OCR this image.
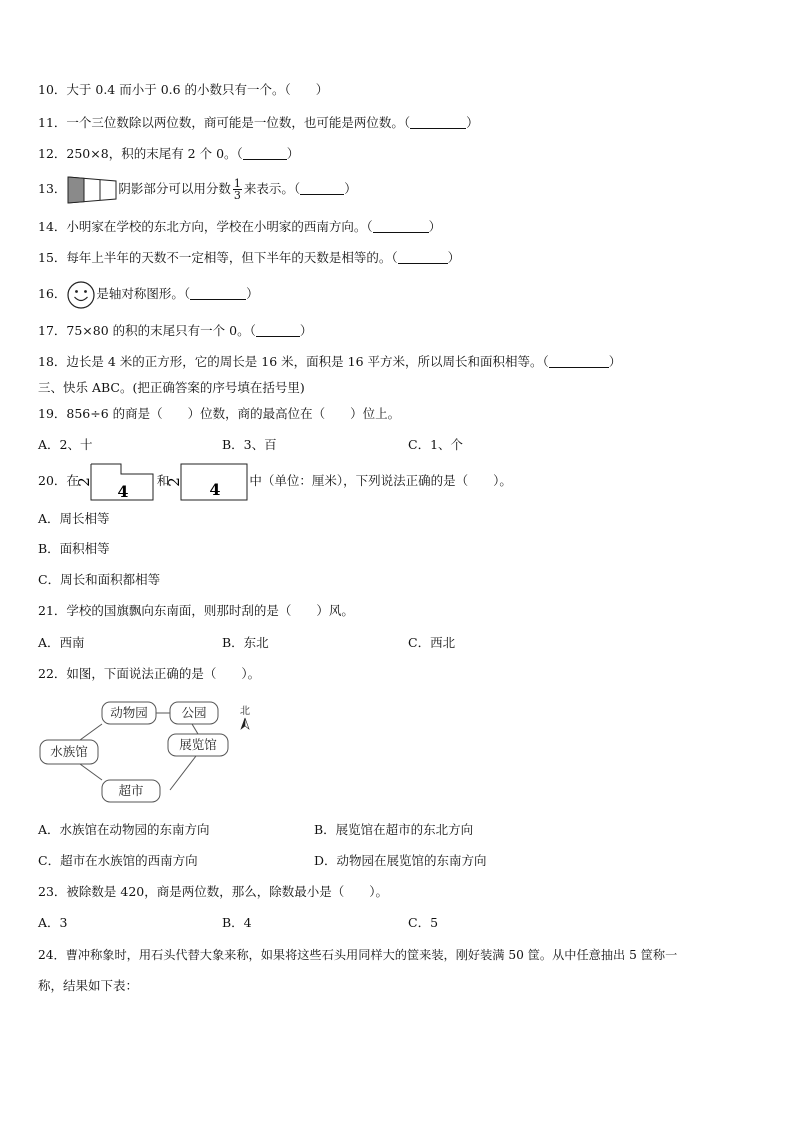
10．大于 0.4 而小于 0.6 的小数只有一个。（　　）
11．一个三位数除以两位数，商可能是一位数，也可能是两位数。（	）
12．250×8，积的末尾有 2 个 0。（	）
13．	阴影部分可以用分数 $\frac{1}{3}$ 来表示。（	）
14．小明家在学校的东北方向，学校在小明家的西南方向。（	）
15．每年上半年的天数不一定相等，但下半年的天数是相等的。（	）
16． 是轴对称图形。（	）
17．75×80 的积的末尾只有一个 0。（	）
18．边长是 4 米的正方形，它的周长是 16 米，面积是 16 平方米，所以周长和面积相等。（	）
三、快乐 ABC。(把正确答案的序号填在括号里)
19．856÷6 的商是（　　）位数，商的最高位在（　　）位上。
A．2、十	B．3、百	C．1、个
20．在
2 4
和
2 4 中（单位：厘米），下列说法正确的是（　　）。
A．周长相等
B．面积相等
C．周长和面积都相等
21．学校的国旗飘向东南面，则那时刮的是（　　）风。
A．西南	B．东北	C．西北
22．如图，下面说法正确的是（　　）。
动物园	公园
水族馆	展览馆
超市
北
A．水族馆在动物园的东南方向	B．展览馆在超市的东北方向
C．超市在水族馆的西南方向	D．动物园在展览馆的东南方向
23．被除数是 420，商是两位数，那么，除数最小是（　　）。
A．3	B．4	C．5
24．曹冲称象时，用石头代替大象来称，如果将这些石头用同样大的筐来装，刚好装满 50 筐。从中任意抽出 5 筐称一
称，结果如下表：
